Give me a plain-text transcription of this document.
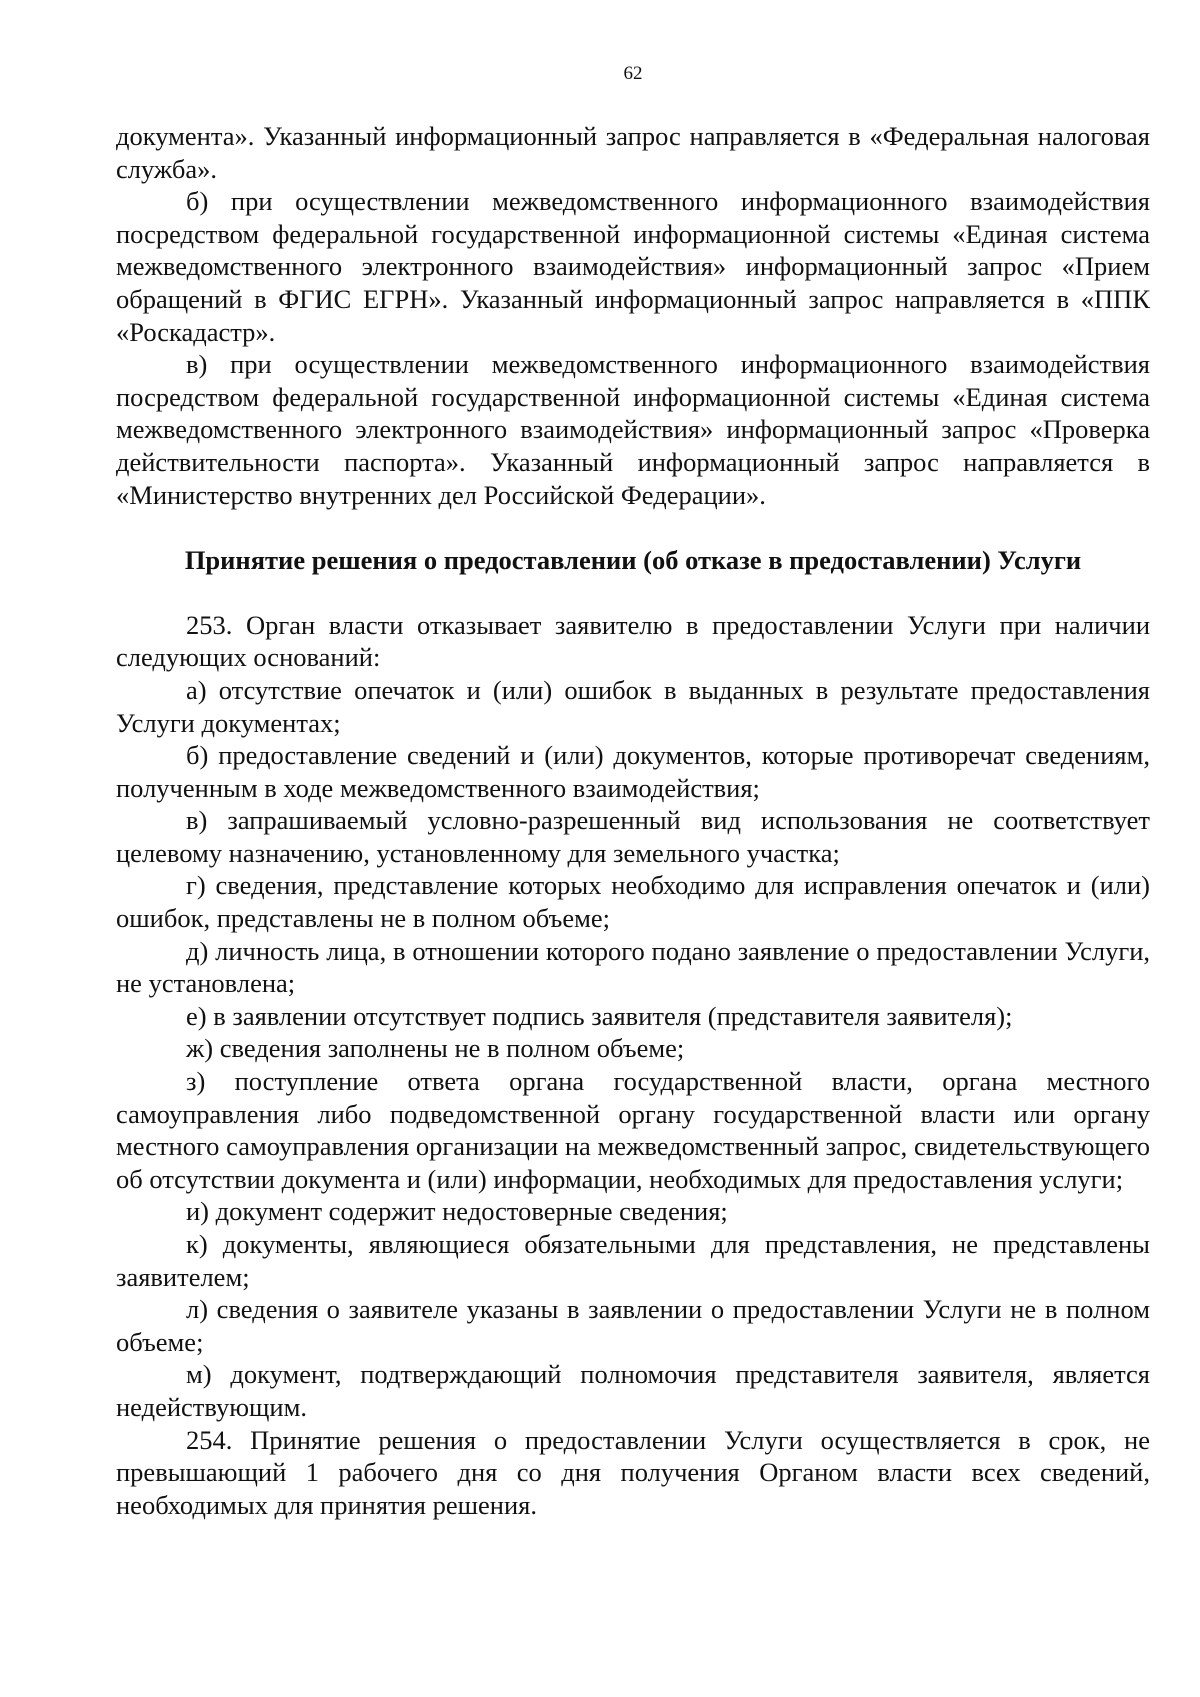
62

документа». Указанный информационный запрос направляется в «Федеральная налоговая служба».

б) при осуществлении межведомственного информационного взаимодействия посредством федеральной государственной информационной системы «Единая система межведомственного электронного взаимодействия» информационный запрос «Прием обращений в ФГИС ЕГРН». Указанный информационный запрос направляется в «ППК «Роскадастр».

в) при осуществлении межведомственного информационного взаимодействия посредством федеральной государственной информационной системы «Единая система межведомственного электронного взаимодействия» информационный запрос «Проверка действительности паспорта». Указанный информационный запрос направляется в «Министерство внутренних дел Российской Федерации».

Принятие решения о предоставлении (об отказе в предоставлении) Услуги

253. Орган власти отказывает заявителю в предоставлении Услуги при наличии следующих оснований:

а) отсутствие опечаток и (или) ошибок в выданных в результате предоставления Услуги документах;

б) предоставление сведений и (или) документов, которые противоречат сведениям, полученным в ходе межведомственного взаимодействия;

в) запрашиваемый условно-разрешенный вид использования не соответствует целевому назначению, установленному для земельного участка;

г) сведения, представление которых необходимо для исправления опечаток и (или) ошибок, представлены не в полном объеме;

д) личность лица, в отношении которого подано заявление о предоставлении Услуги, не установлена;

е) в заявлении отсутствует подпись заявителя (представителя заявителя);

ж) сведения заполнены не в полном объеме;

з) поступление ответа органа государственной власти, органа местного самоуправления либо подведомственной органу государственной власти или органу местного самоуправления организации на межведомственный запрос, свидетельствующего об отсутствии документа и (или) информации, необходимых для предоставления услуги;

и) документ содержит недостоверные сведения;

к) документы, являющиеся обязательными для представления, не представлены заявителем;

л) сведения о заявителе указаны в заявлении о предоставлении Услуги не в полном объеме;

м) документ, подтверждающий полномочия представителя заявителя, является недействующим.

254. Принятие решения о предоставлении Услуги осуществляется в срок, не превышающий 1 рабочего дня со дня получения Органом власти всех сведений, необходимых для принятия решения.
